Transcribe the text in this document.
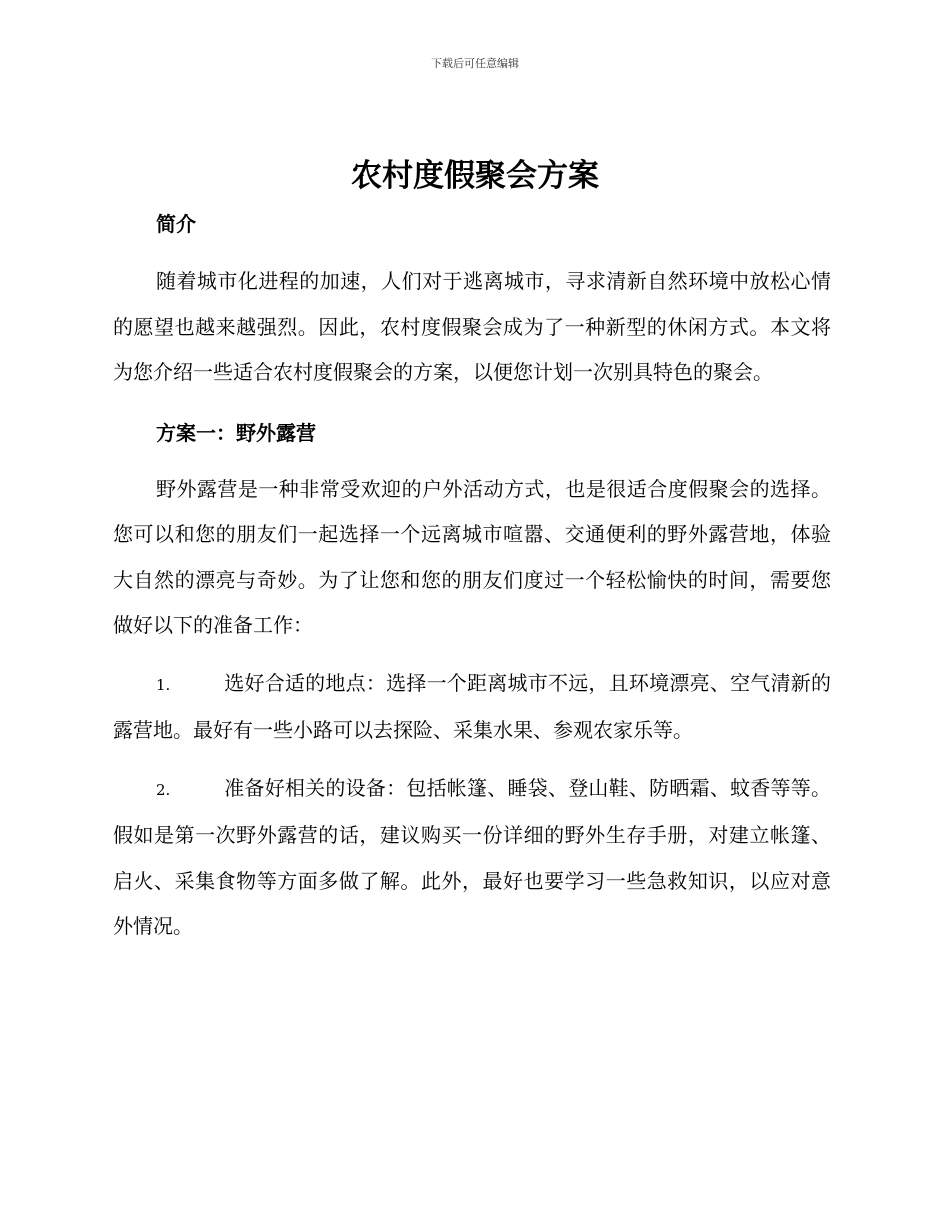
下载后可任意编辑
农村度假聚会方案
简介

随着城市化进程的加速，人们对于逃离城市，寻求清新自然环境中放松心情的愿望也越来越强烈。因此，农村度假聚会成为了一种新型的休闲方式。本文将为您介绍一些适合农村度假聚会的方案，以便您计划一次别具特色的聚会。

方案一：野外露营

野外露营是一种非常受欢迎的户外活动方式，也是很适合度假聚会的选择。您可以和您的朋友们一起选择一个远离城市喧嚣、交通便利的野外露营地，体验大自然的漂亮与奇妙。为了让您和您的朋友们度过一个轻松愉快的时间，需要您做好以下的准备工作：

1.	选好合适的地点：选择一个距离城市不远，且环境漂亮、空气清新的露营地。最好有一些小路可以去探险、采集水果、参观农家乐等。

2.	准备好相关的设备：包括帐篷、睡袋、登山鞋、防晒霜、蚊香等等。假如是第一次野外露营的话，建议购买一份详细的野外生存手册，对建立帐篷、启火、采集食物等方面多做了解。此外，最好也要学习一些急救知识，以应对意外情况。
